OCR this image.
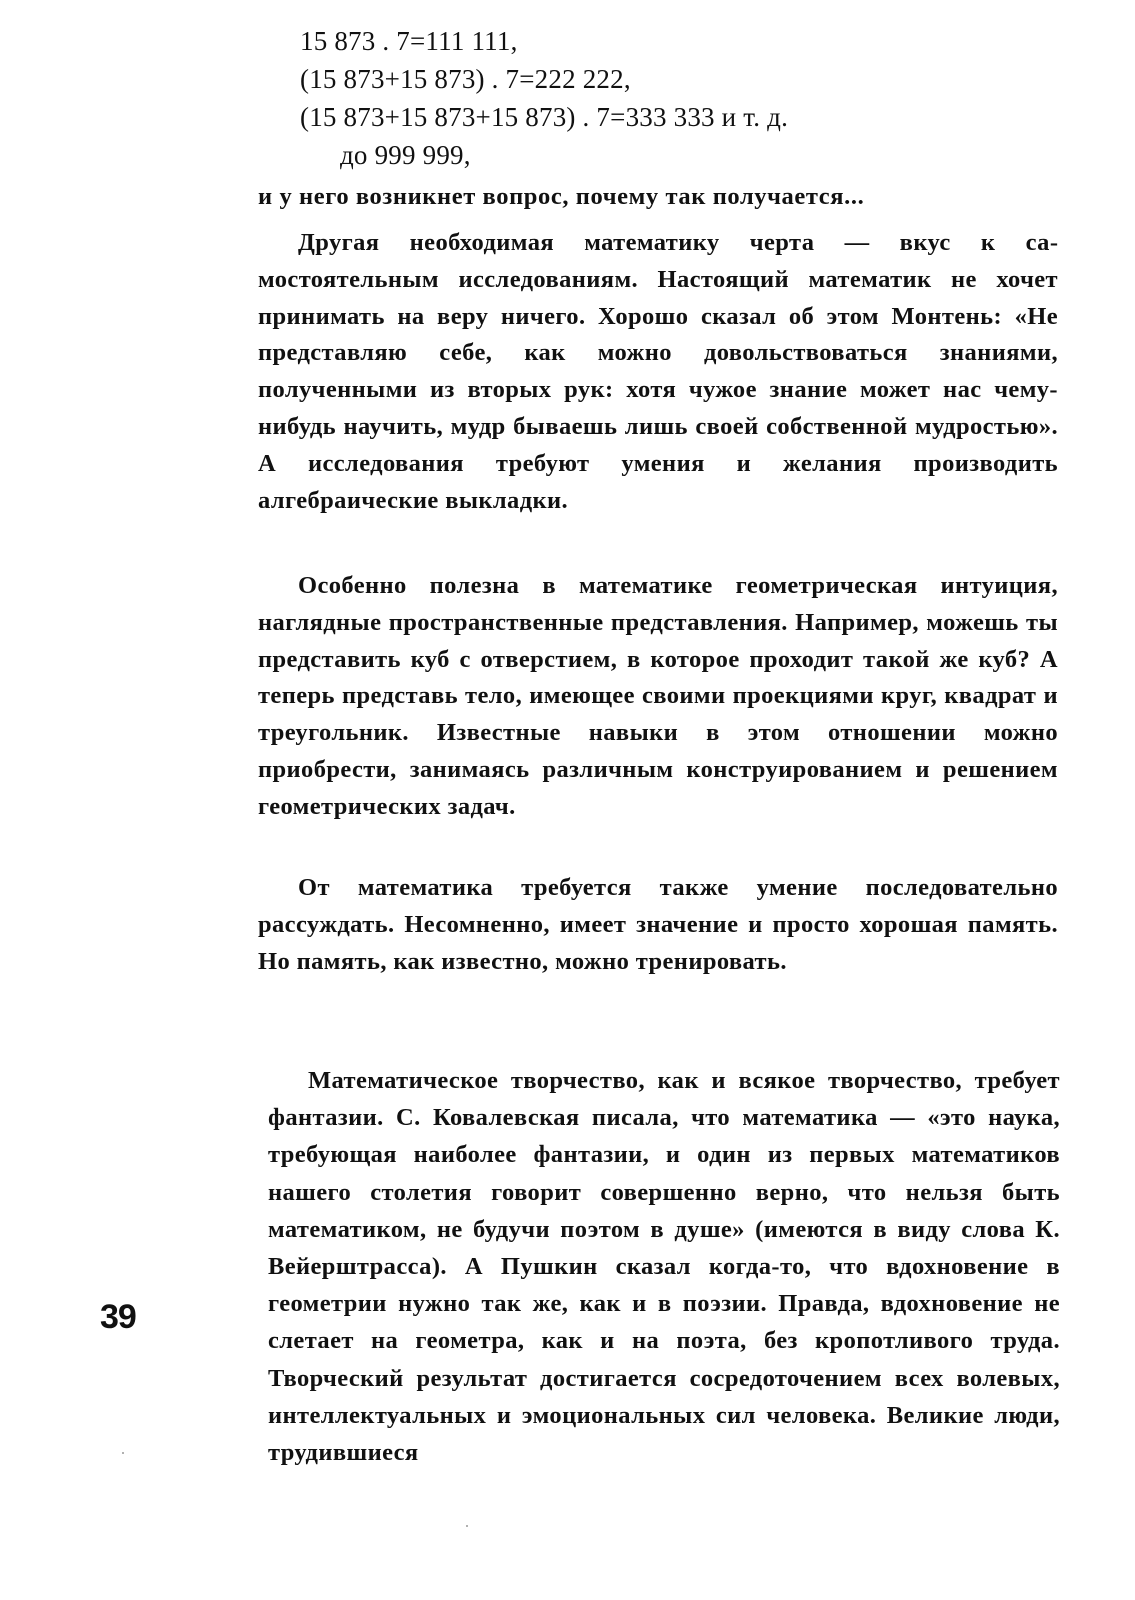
15 873 . 7=111 111,
(15 873+15 873) . 7=222 222,
(15 873+15 873+15 873) . 7=333 333 и т. д.
до 999 999,
и у него возникнет вопрос, почему так получается...

Другая необходимая математику черта — вкус к самостоятельным исследованиям. Настоящий математик не хочет принимать на веру ничего. Хорошо сказал об этом Монтень: «Не представляю себе, как можно довольствоваться знаниями, полученными из вторых рук: хотя чужое знание может нас чему-нибудь научить, мудр бываешь лишь своей собственной мудростью». А исследования требуют умения и желания производить алгебраические выкладки.

Особенно полезна в математике геометрическая интуиция, наглядные пространственные представления. Например, можешь ты представить куб с отверстием, в которое проходит такой же куб? А теперь представь тело, имеющее своими проекциями круг, квадрат и треугольник. Известные навыки в этом отношении можно приобрести, занимаясь различным конструированием и решением геометрических задач.

От математика требуется также умение последовательно рассуждать. Несомненно, имеет значение и просто хорошая память. Но память, как известно, можно тренировать.

Математическое творчество, как и всякое творчество, требует фантазии. С. Ковалевская писала, что математика — «это наука, требующая наиболее фантазии, и один из первых математиков нашего столетия говорит совершенно верно, что нельзя быть математиком, не будучи поэтом в душе» (имеются в виду слова К. Вейерштрасса). А Пушкин сказал когда-то, что вдохновение в геометрии нужно так же, как и в поэзии. Правда, вдохновение не слетает на геометра, как и на поэта, без кропотливого труда. Творческий результат достигается сосредоточением всех волевых, интеллектуальных и эмоциональных сил человека. Великие люди, трудившиеся

39
